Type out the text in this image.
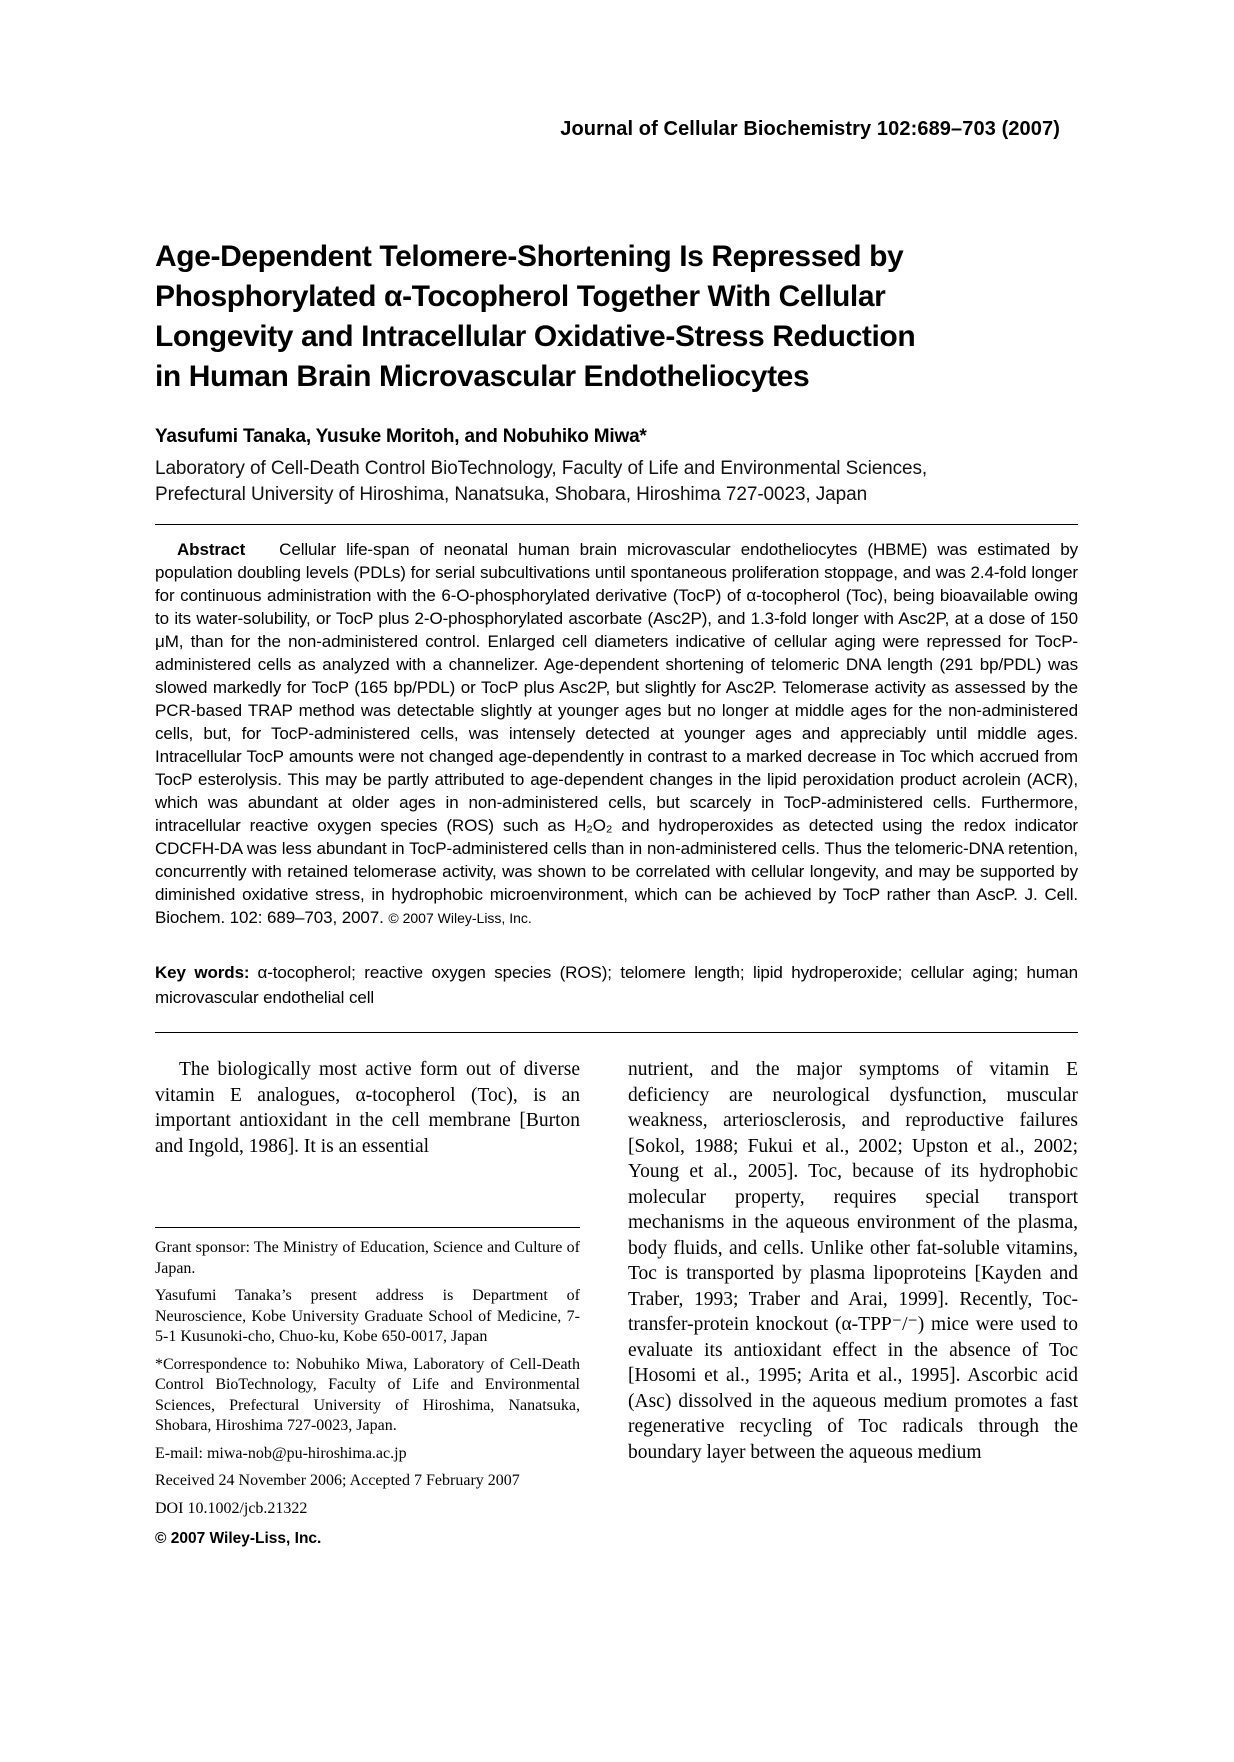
Journal of Cellular Biochemistry 102:689–703 (2007)
Age-Dependent Telomere-Shortening Is Repressed by
Phosphorylated α-Tocopherol Together With Cellular
Longevity and Intracellular Oxidative-Stress Reduction
in Human Brain Microvascular Endotheliocytes
Yasufumi Tanaka, Yusuke Moritoh, and Nobuhiko Miwa*
Laboratory of Cell-Death Control BioTechnology, Faculty of Life and Environmental Sciences,
Prefectural University of Hiroshima, Nanatsuka, Shobara, Hiroshima 727-0023, Japan

Abstract Cellular life-span of neonatal human brain microvascular endotheliocytes (HBME) was estimated by population doubling levels (PDLs) for serial subcultivations until spontaneous proliferation stoppage, and was 2.4-fold longer for continuous administration with the 6-O-phosphorylated derivative (TocP) of α-tocopherol (Toc), being bioavailable owing to its water-solubility, or TocP plus 2-O-phosphorylated ascorbate (Asc2P), and 1.3-fold longer with Asc2P, at a dose of 150 μM, than for the non-administered control. Enlarged cell diameters indicative of cellular aging were repressed for TocP-administered cells as analyzed with a channelizer. Age-dependent shortening of telomeric DNA length (291 bp/PDL) was slowed markedly for TocP (165 bp/PDL) or TocP plus Asc2P, but slightly for Asc2P. Telomerase activity as assessed by the PCR-based TRAP method was detectable slightly at younger ages but no longer at middle ages for the non-administered cells, but, for TocP-administered cells, was intensely detected at younger ages and appreciably until middle ages. Intracellular TocP amounts were not changed age-dependently in contrast to a marked decrease in Toc which accrued from TocP esterolysis. This may be partly attributed to age-dependent changes in the lipid peroxidation product acrolein (ACR), which was abundant at older ages in non-administered cells, but scarcely in TocP-administered cells. Furthermore, intracellular reactive oxygen species (ROS) such as H₂O₂ and hydroperoxides as detected using the redox indicator CDCFH-DA was less abundant in TocP-administered cells than in non-administered cells. Thus the telomeric-DNA retention, concurrently with retained telomerase activity, was shown to be correlated with cellular longevity, and may be supported by diminished oxidative stress, in hydrophobic microenvironment, which can be achieved by TocP rather than AscP. J. Cell. Biochem. 102: 689–703, 2007. © 2007 Wiley-Liss, Inc.

Key words: α-tocopherol; reactive oxygen species (ROS); telomere length; lipid hydroperoxide; cellular aging; human microvascular endothelial cell

The biologically most active form out of diverse vitamin E analogues, α-tocopherol (Toc), is an important antioxidant in the cell membrane [Burton and Ingold, 1986]. It is an essential

Grant sponsor: The Ministry of Education, Science and Culture of Japan.

Yasufumi Tanaka’s present address is Department of Neuroscience, Kobe University Graduate School of Medicine, 7-5-1 Kusunoki-cho, Chuo-ku, Kobe 650-0017, Japan

*Correspondence to: Nobuhiko Miwa, Laboratory of Cell-Death Control BioTechnology, Faculty of Life and Environmental Sciences, Prefectural University of Hiroshima, Nanatsuka, Shobara, Hiroshima 727-0023, Japan.

E-mail: miwa-nob@pu-hiroshima.ac.jp

Received 24 November 2006; Accepted 7 February 2007

DOI 10.1002/jcb.21322

© 2007 Wiley-Liss, Inc.

nutrient, and the major symptoms of vitamin E deficiency are neurological dysfunction, muscular weakness, arteriosclerosis, and reproductive failures [Sokol, 1988; Fukui et al., 2002; Upston et al., 2002; Young et al., 2005]. Toc, because of its hydrophobic molecular property, requires special transport mechanisms in the aqueous environment of the plasma, body fluids, and cells. Unlike other fat-soluble vitamins, Toc is transported by plasma lipoproteins [Kayden and Traber, 1993; Traber and Arai, 1999]. Recently, Toc-transfer-protein knockout (α-TPP⁻/⁻) mice were used to evaluate its antioxidant effect in the absence of Toc [Hosomi et al., 1995; Arita et al., 1995]. Ascorbic acid (Asc) dissolved in the aqueous medium promotes a fast regenerative recycling of Toc radicals through the boundary layer between the aqueous medium
